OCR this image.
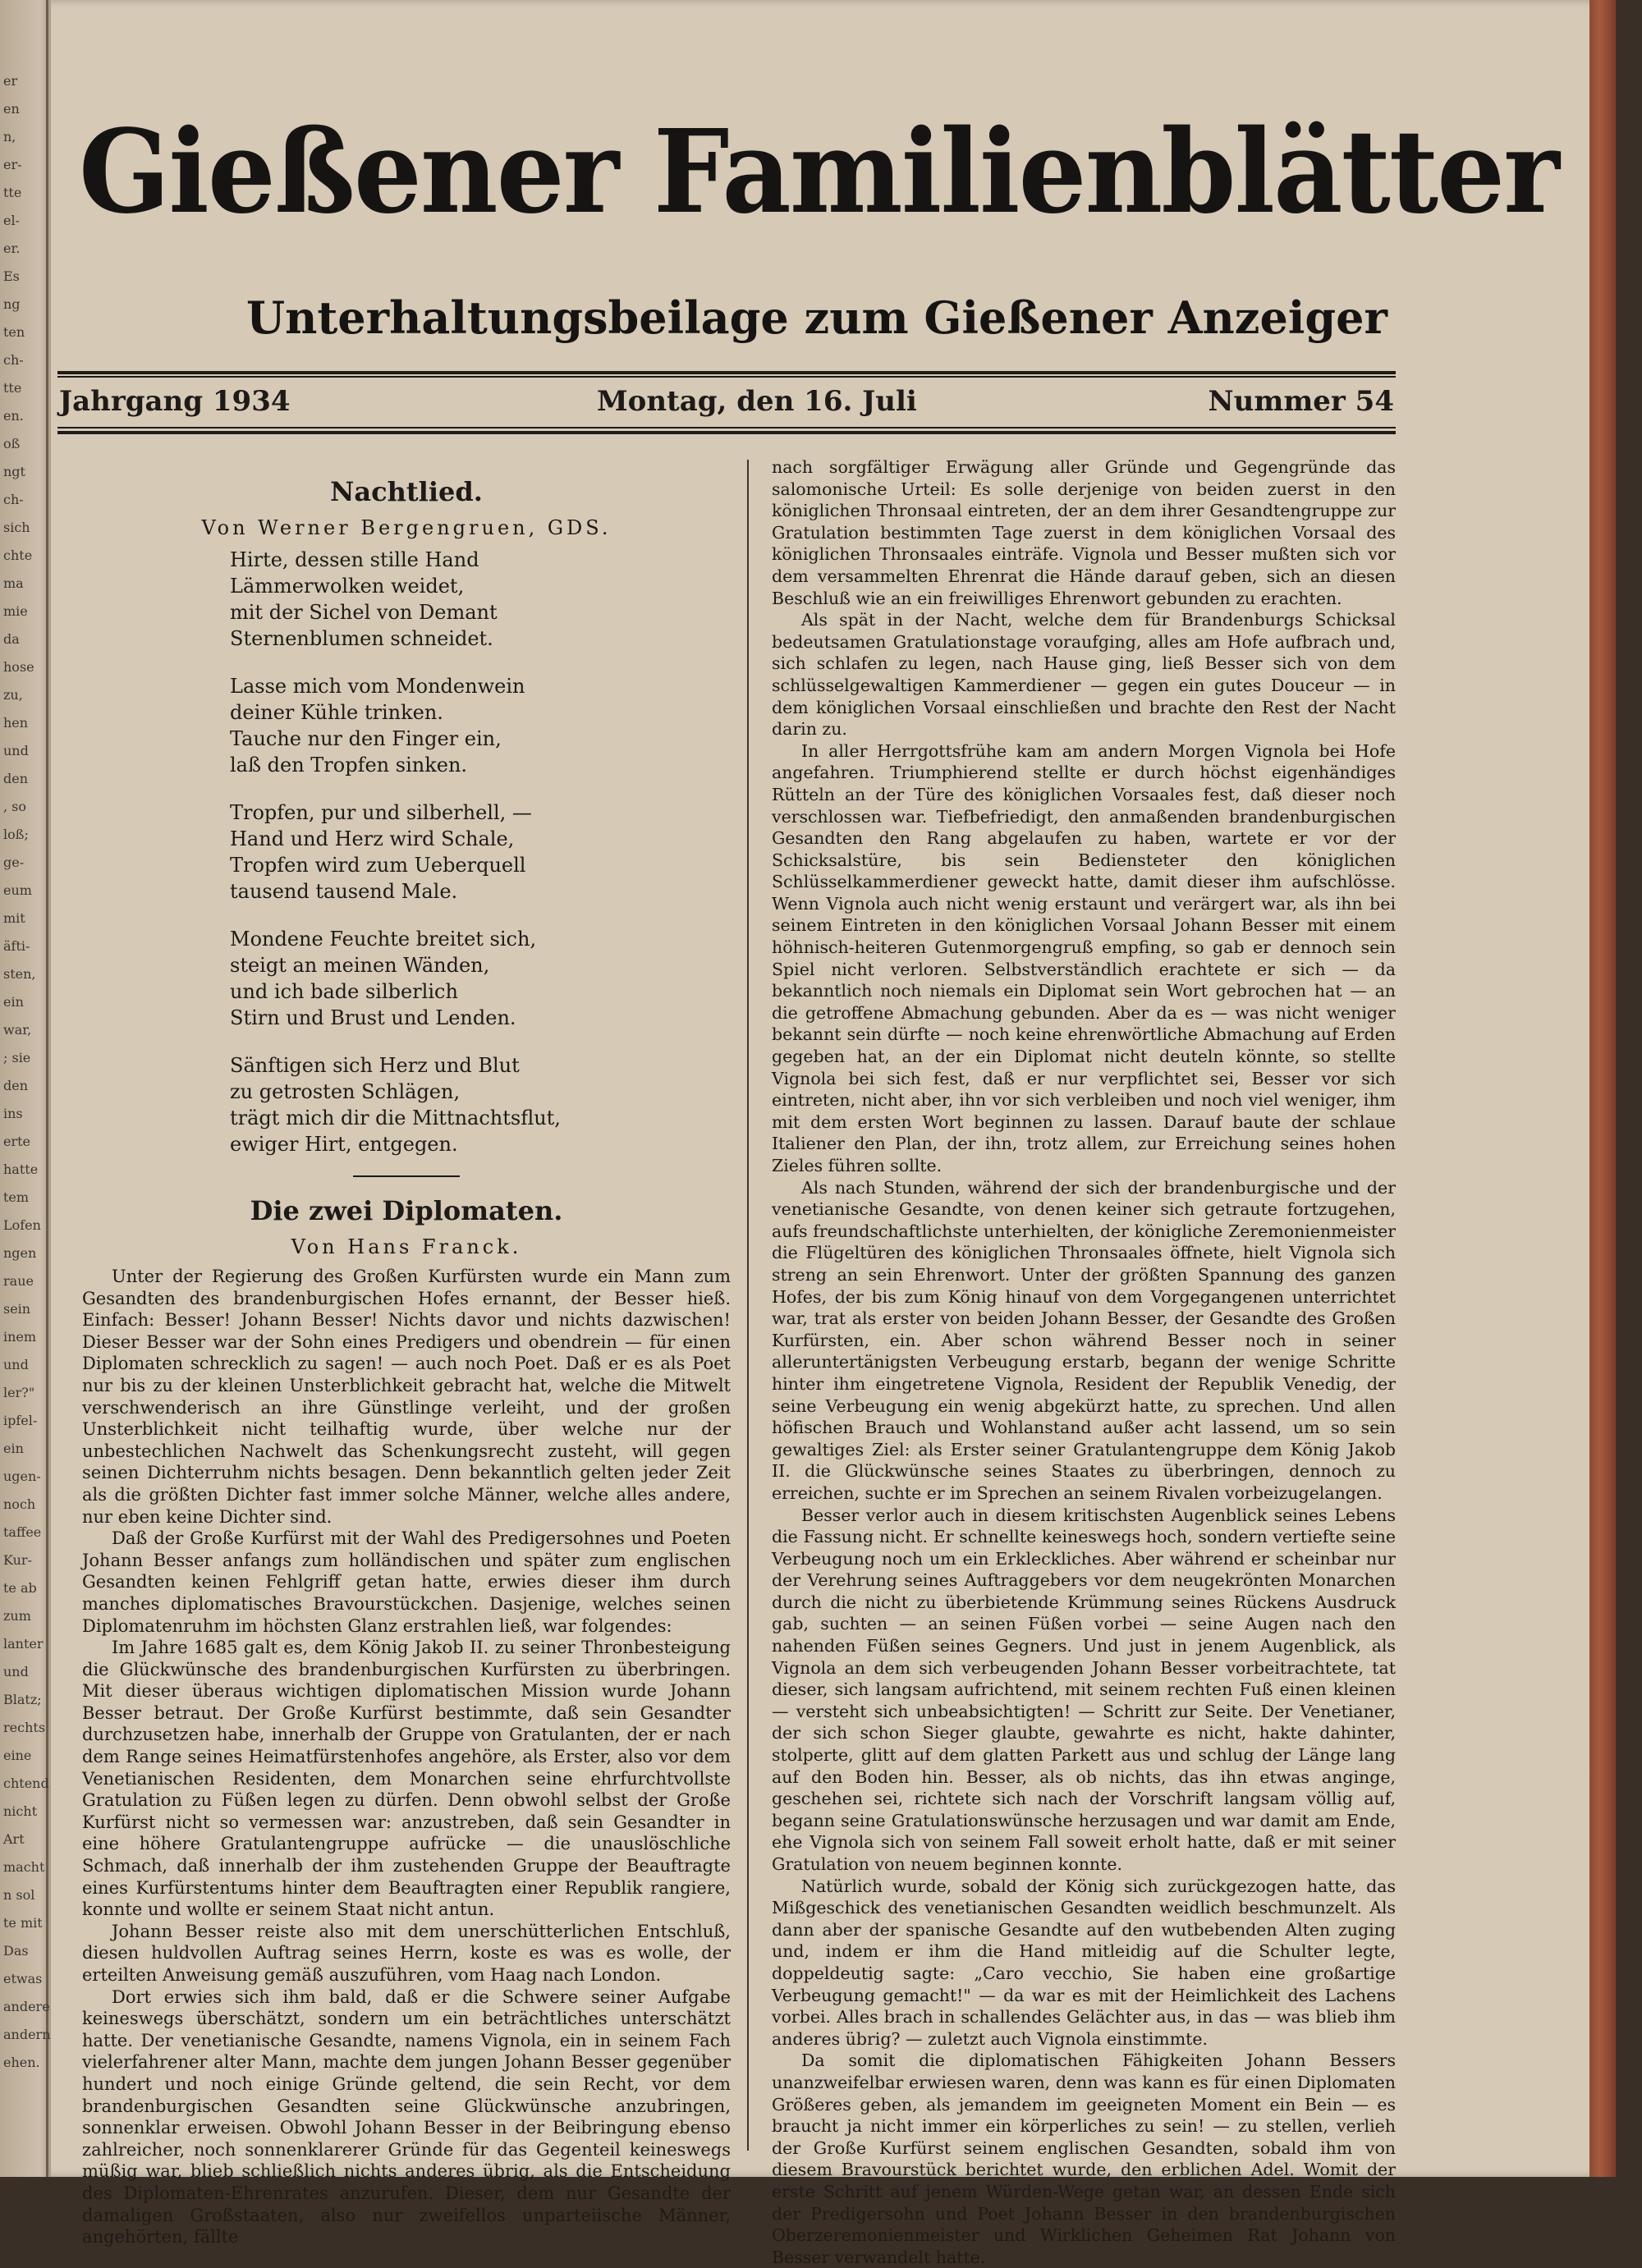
er
en
n,
er-
tte
el-
er.
Es
ng
ten
ch-
tte
en.
oß
ngt
ch-
sich
chte
ma
mie
da
hose
zu,
hen
und
den
, so
loß;
ge-
eum
mit
äfti-
sten,
ein
war,
; sie
den
ins
erte
hatte
tem
Lofen
ngen
raue
sein
inem
und
ler?"
ipfel-
ein
ugen-
noch
taffee
Kur-
te ab
zum
lanter
und
Blatz;
rechts
eine
chtend
nicht
Art
macht
n sol
te mit
Das
etwas
andere
andern
ehen.
Gießener Familienblätter
Unterhaltungsbeilage zum Gießener Anzeiger
Jahrgang 1934	Montag, den 16. Juli	Nummer 54
Nachtlied.
Von Werner Bergengruen, GDS.
Hirte, dessen stille Hand
Lämmerwolken weidet,
mit der Sichel von Demant
Sternenblumen schneidet.
Lasse mich vom Mondenwein
deiner Kühle trinken.
Tauche nur den Finger ein,
laß den Tropfen sinken.
Tropfen, pur und silberhell, —
Hand und Herz wird Schale,
Tropfen wird zum Ueberquell
tausend tausend Male.
Mondene Feuchte breitet sich,
steigt an meinen Wänden,
und ich bade silberlich
Stirn und Brust und Lenden.
Sänftigen sich Herz und Blut
zu getrosten Schlägen,
trägt mich dir die Mittnachtsflut,
ewiger Hirt, entgegen.
Die zwei Diplomaten.
Von Hans Franck.

Unter der Regierung des Großen Kurfürsten wurde ein Mann zum Gesandten des brandenburgischen Hofes ernannt, der Besser hieß. Einfach: Besser! Johann Besser! Nichts davor und nichts dazwischen! Dieser Besser war der Sohn eines Predigers und obendrein — für einen Diplomaten schrecklich zu sagen! — auch noch Poet. Daß er es als Poet nur bis zu der kleinen Unsterblichkeit gebracht hat, welche die Mitwelt verschwenderisch an ihre Günstlinge verleiht, und der großen Unsterblichkeit nicht teilhaftig wurde, über welche nur der unbestechlichen Nachwelt das Schenkungsrecht zusteht, will gegen seinen Dichterruhm nichts besagen. Denn bekanntlich gelten jeder Zeit als die größten Dichter fast immer solche Männer, welche alles andere, nur eben keine Dichter sind.

Daß der Große Kurfürst mit der Wahl des Predigersohnes und Poeten Johann Besser anfangs zum holländischen und später zum englischen Gesandten keinen Fehlgriff getan hatte, erwies dieser ihm durch manches diplomatisches Bravourstückchen. Dasjenige, welches seinen Diplomatenruhm im höchsten Glanz erstrahlen ließ, war folgendes:

Im Jahre 1685 galt es, dem König Jakob II. zu seiner Thronbesteigung die Glückwünsche des brandenburgischen Kurfürsten zu überbringen. Mit dieser überaus wichtigen diplomatischen Mission wurde Johann Besser betraut. Der Große Kurfürst bestimmte, daß sein Gesandter durchzusetzen habe, innerhalb der Gruppe von Gratulanten, der er nach dem Range seines Heimatfürstenhofes angehöre, als Erster, also vor dem Venetianischen Residenten, dem Monarchen seine ehrfurchtvollste Gratulation zu Füßen legen zu dürfen. Denn obwohl selbst der Große Kurfürst nicht so vermessen war: anzustreben, daß sein Gesandter in eine höhere Gratulantengruppe aufrücke — die unauslöschliche Schmach, daß innerhalb der ihm zustehenden Gruppe der Beauftragte eines Kurfürstentums hinter dem Beauftragten einer Republik rangiere, konnte und wollte er seinem Staat nicht antun.

Johann Besser reiste also mit dem unerschütterlichen Entschluß, diesen huldvollen Auftrag seines Herrn, koste es was es wolle, der erteilten Anweisung gemäß auszuführen, vom Haag nach London.

Dort erwies sich ihm bald, daß er die Schwere seiner Aufgabe keineswegs überschätzt, sondern um ein beträchtliches unterschätzt hatte. Der venetianische Gesandte, namens Vignola, ein in seinem Fach vielerfahrener alter Mann, machte dem jungen Johann Besser gegenüber hundert und noch einige Gründe geltend, die sein Recht, vor dem brandenburgischen Gesandten seine Glückwünsche anzubringen, sonnenklar erweisen. Obwohl Johann Besser in der Beibringung ebenso zahlreicher, noch sonnenklarerer Gründe für das Gegenteil keineswegs müßig war, blieb schließlich nichts anderes übrig, als die Entscheidung des Diplomaten-Ehrenrates anzurufen. Dieser, dem nur Gesandte der damaligen Großstaaten, also nur zweifellos unparteiische Männer, angehörten, fällte

nach sorgfältiger Erwägung aller Gründe und Gegengründe das salomonische Urteil: Es solle derjenige von beiden zuerst in den königlichen Thronsaal eintreten, der an dem ihrer Gesandtengruppe zur Gratulation bestimmten Tage zuerst in dem königlichen Vorsaal des königlichen Thronsaales einträfe. Vignola und Besser mußten sich vor dem versammelten Ehrenrat die Hände darauf geben, sich an diesen Beschluß wie an ein freiwilliges Ehrenwort gebunden zu erachten.

Als spät in der Nacht, welche dem für Brandenburgs Schicksal bedeutsamen Gratulationstage voraufging, alles am Hofe aufbrach und, sich schlafen zu legen, nach Hause ging, ließ Besser sich von dem schlüsselgewaltigen Kammerdiener — gegen ein gutes Douceur — in dem königlichen Vorsaal einschließen und brachte den Rest der Nacht darin zu.

In aller Herrgottsfrühe kam am andern Morgen Vignola bei Hofe angefahren. Triumphierend stellte er durch höchst eigenhändiges Rütteln an der Türe des königlichen Vorsaales fest, daß dieser noch verschlossen war. Tiefbefriedigt, den anmaßenden brandenburgischen Gesandten den Rang abgelaufen zu haben, wartete er vor der Schicksalstüre, bis sein Bediensteter den königlichen Schlüsselkammerdiener geweckt hatte, damit dieser ihm aufschlösse. Wenn Vignola auch nicht wenig erstaunt und verärgert war, als ihn bei seinem Eintreten in den königlichen Vorsaal Johann Besser mit einem höhnisch-heiteren Gutenmorgengruß empfing, so gab er dennoch sein Spiel nicht verloren. Selbstverständlich erachtete er sich — da bekanntlich noch niemals ein Diplomat sein Wort gebrochen hat — an die getroffene Abmachung gebunden. Aber da es — was nicht weniger bekannt sein dürfte — noch keine ehrenwörtliche Abmachung auf Erden gegeben hat, an der ein Diplomat nicht deuteln könnte, so stellte Vignola bei sich fest, daß er nur verpflichtet sei, Besser vor sich eintreten, nicht aber, ihn vor sich verbleiben und noch viel weniger, ihm mit dem ersten Wort beginnen zu lassen. Darauf baute der schlaue Italiener den Plan, der ihn, trotz allem, zur Erreichung seines hohen Zieles führen sollte.

Als nach Stunden, während der sich der brandenburgische und der venetianische Gesandte, von denen keiner sich getraute fortzugehen, aufs freundschaftlichste unterhielten, der königliche Zeremonienmeister die Flügeltüren des königlichen Thronsaales öffnete, hielt Vignola sich streng an sein Ehrenwort. Unter der größten Spannung des ganzen Hofes, der bis zum König hinauf von dem Vorgegangenen unterrichtet war, trat als erster von beiden Johann Besser, der Gesandte des Großen Kurfürsten, ein. Aber schon während Besser noch in seiner alleruntertänigsten Verbeugung erstarb, begann der wenige Schritte hinter ihm eingetretene Vignola, Resident der Republik Venedig, der seine Verbeugung ein wenig abgekürzt hatte, zu sprechen. Und allen höfischen Brauch und Wohlanstand außer acht lassend, um so sein gewaltiges Ziel: als Erster seiner Gratulantengruppe dem König Jakob II. die Glückwünsche seines Staates zu überbringen, dennoch zu erreichen, suchte er im Sprechen an seinem Rivalen vorbeizugelangen.

Besser verlor auch in diesem kritischsten Augenblick seines Lebens die Fassung nicht. Er schnellte keineswegs hoch, sondern vertiefte seine Verbeugung noch um ein Erkleckliches. Aber während er scheinbar nur der Verehrung seines Auftraggebers vor dem neugekrönten Monarchen durch die nicht zu überbietende Krümmung seines Rückens Ausdruck gab, suchten — an seinen Füßen vorbei — seine Augen nach den nahenden Füßen seines Gegners. Und just in jenem Augenblick, als Vignola an dem sich verbeugenden Johann Besser vorbeitrachtete, tat dieser, sich langsam aufrichtend, mit seinem rechten Fuß einen kleinen — versteht sich unbeabsichtigten! — Schritt zur Seite. Der Venetianer, der sich schon Sieger glaubte, gewahrte es nicht, hakte dahinter, stolperte, glitt auf dem glatten Parkett aus und schlug der Länge lang auf den Boden hin. Besser, als ob nichts, das ihn etwas anginge, geschehen sei, richtete sich nach der Vorschrift langsam völlig auf, begann seine Gratulationswünsche herzusagen und war damit am Ende, ehe Vignola sich von seinem Fall soweit erholt hatte, daß er mit seiner Gratulation von neuem beginnen konnte.

Natürlich wurde, sobald der König sich zurückgezogen hatte, das Mißgeschick des venetianischen Gesandten weidlich beschmunzelt. Als dann aber der spanische Gesandte auf den wutbebenden Alten zuging und, indem er ihm die Hand mitleidig auf die Schulter legte, doppeldeutig sagte: „Caro vecchio, Sie haben eine großartige Verbeugung gemacht!" — da war es mit der Heimlichkeit des Lachens vorbei. Alles brach in schallendes Gelächter aus, in das — was blieb ihm anderes übrig? — zuletzt auch Vignola einstimmte.

Da somit die diplomatischen Fähigkeiten Johann Bessers unanzweifelbar erwiesen waren, denn was kann es für einen Diplomaten Größeres geben, als jemandem im geeigneten Moment ein Bein — es braucht ja nicht immer ein körperliches zu sein! — zu stellen, verlieh der Große Kurfürst seinem englischen Gesandten, sobald ihm von diesem Bravourstück berichtet wurde, den erblichen Adel. Womit der erste Schritt auf jenem Würden-Wege getan war, an dessen Ende sich der Predigersohn und Poet Johann Besser in den brandenburgischen Oberzeremonienmeister und Wirklichen Geheimen Rat Johann von Besser verwandelt hatte.
